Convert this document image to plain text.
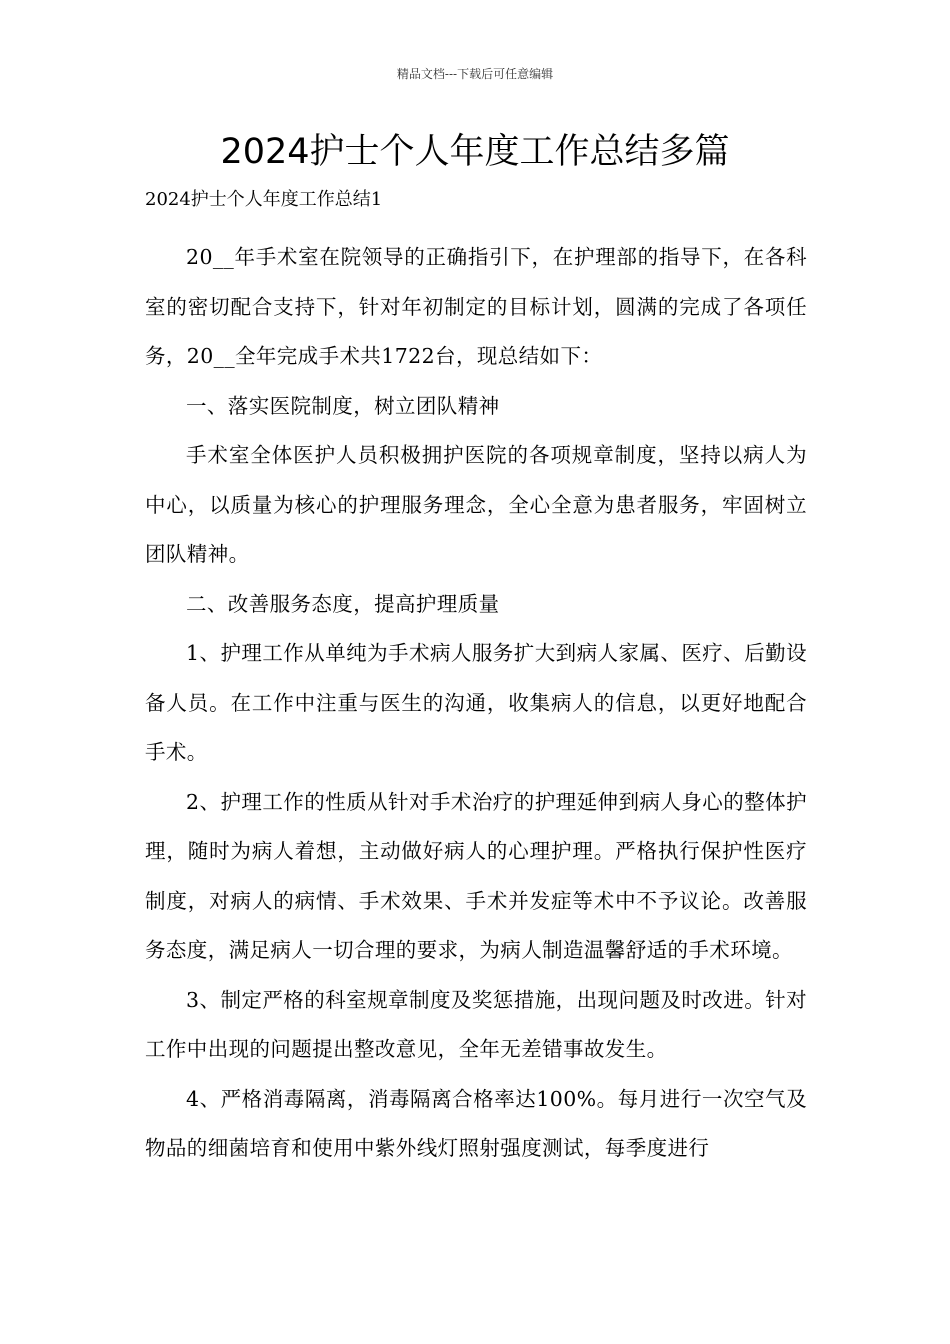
精品文档---下载后可任意编辑
2024护士个人年度工作总结多篇
2024护士个人年度工作总结1

20__年手术室在院领导的正确指引下，在护理部的指导下，在各科室的密切配合支持下，针对年初制定的目标计划，圆满的完成了各项任务，20__全年完成手术共1722台，现总结如下：

一、落实医院制度，树立团队精神

手术室全体医护人员积极拥护医院的各项规章制度，坚持以病人为中心，以质量为核心的护理服务理念，全心全意为患者服务，牢固树立团队精神。

二、改善服务态度，提高护理质量

1、护理工作从单纯为手术病人服务扩大到病人家属、医疗、后勤设备人员。在工作中注重与医生的沟通，收集病人的信息，以更好地配合手术。

2、护理工作的性质从针对手术治疗的护理延伸到病人身心的整体护理，随时为病人着想，主动做好病人的心理护理。严格执行保护性医疗制度，对病人的病情、手术效果、手术并发症等术中不予议论。改善服务态度，满足病人一切合理的要求，为病人制造温馨舒适的手术环境。

3、制定严格的科室规章制度及奖惩措施，出现问题及时改进。针对工作中出现的问题提出整改意见，全年无差错事故发生。

4、严格消毒隔离，消毒隔离合格率达100%。每月进行一次空气及物品的细菌培育和使用中紫外线灯照射强度测试，每季度进行
